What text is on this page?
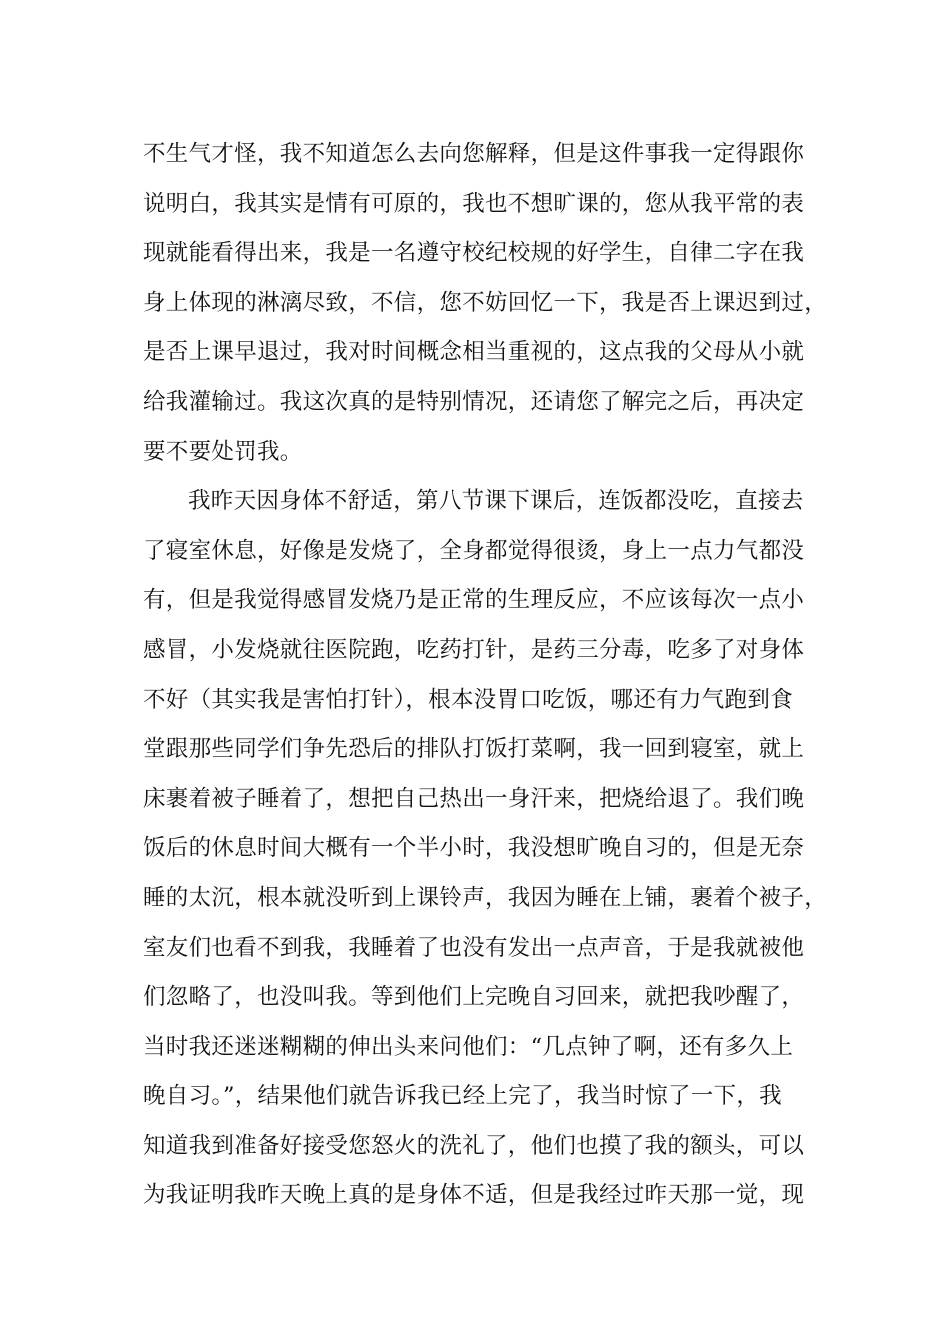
不生气才怪，我不知道怎么去向您解释，但是这件事我一定得跟你
说明白，我其实是情有可原的，我也不想旷课的，您从我平常的表
现就能看得出来，我是一名遵守校纪校规的好学生，自律二字在我
身上体现的淋漓尽致，不信，您不妨回忆一下，我是否上课迟到过，
是否上课早退过，我对时间概念相当重视的，这点我的父母从小就
给我灌输过。我这次真的是特别情况，还请您了解完之后，再决定
要不要处罚我。
我昨天因身体不舒适，第八节课下课后，连饭都没吃，直接去
了寝室休息，好像是发烧了，全身都觉得很烫，身上一点力气都没
有，但是我觉得感冒发烧乃是正常的生理反应，不应该每次一点小
感冒，小发烧就往医院跑，吃药打针，是药三分毒，吃多了对身体
不好（其实我是害怕打针），根本没胃口吃饭，哪还有力气跑到食
堂跟那些同学们争先恐后的排队打饭打菜啊，我一回到寝室，就上
床裹着被子睡着了，想把自己热出一身汗来，把烧给退了。我们晚
饭后的休息时间大概有一个半小时，我没想旷晚自习的，但是无奈
睡的太沉，根本就没听到上课铃声，我因为睡在上铺，裹着个被子，
室友们也看不到我，我睡着了也没有发出一点声音，于是我就被他
们忽略了，也没叫我。等到他们上完晚自习回来，就把我吵醒了，
当时我还迷迷糊糊的伸出头来问他们：“几点钟了啊，还有多久上
晚自习。”，结果他们就告诉我已经上完了，我当时惊了一下，我
知道我到准备好接受您怒火的洗礼了，他们也摸了我的额头，可以
为我证明我昨天晚上真的是身体不适，但是我经过昨天那一觉，现
